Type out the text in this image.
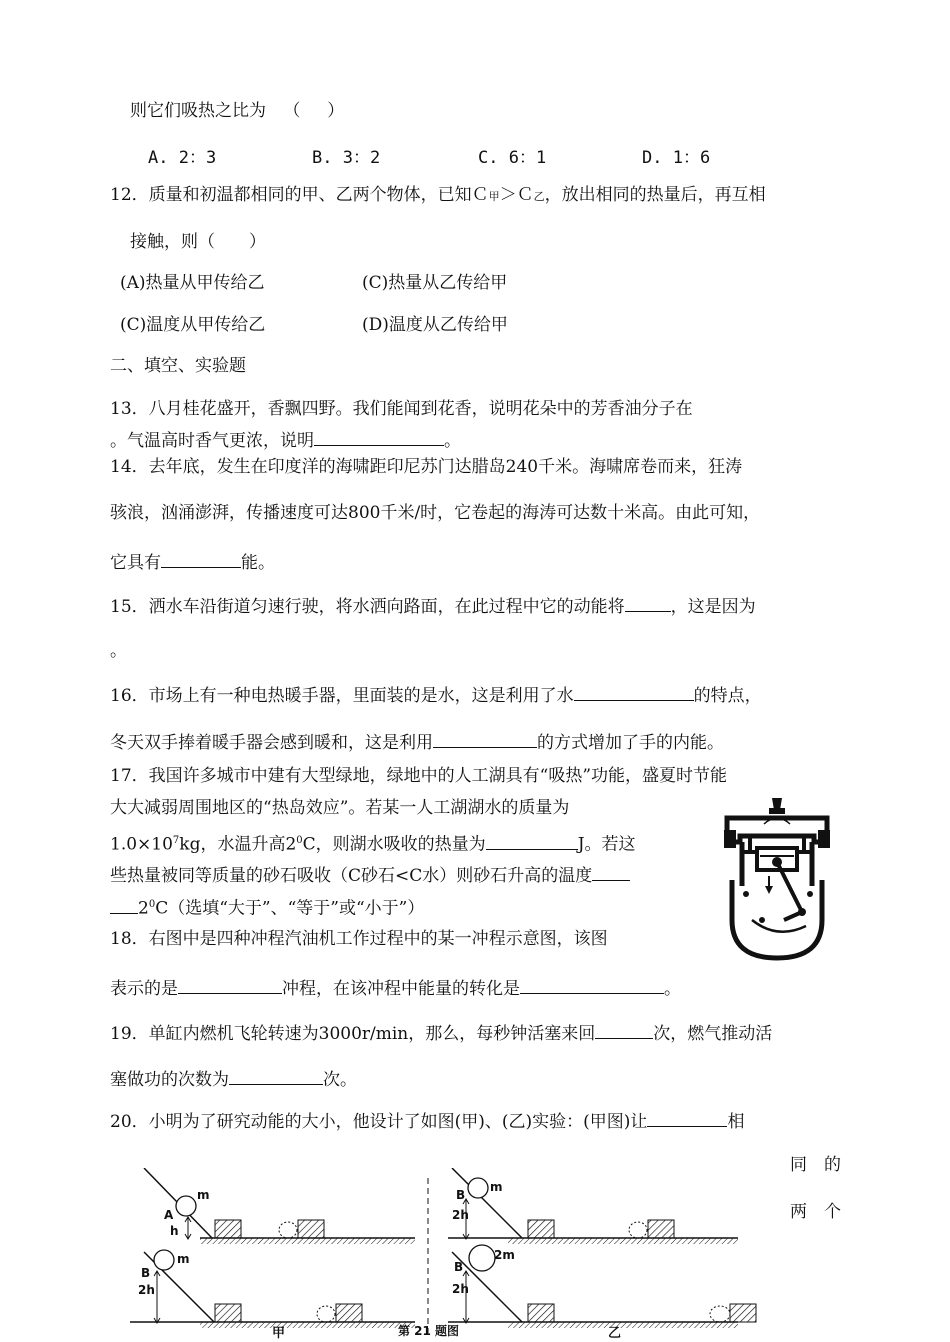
则它们吸热之比为 （ ）
A. 2：3	B. 3：2	C. 6：1	D. 1：6
12．质量和初温都相同的甲、乙两个物体，已知Ｃ甲＞Ｃ乙，放出相同的热量后，再互相
接触，则（　　）
(A)热量从甲传给乙	(C)热量从乙传给甲
(C)温度从甲传给乙	(D)温度从乙传给甲
二、填空、实验题
13．八月桂花盛开，香飘四野。我们能闻到花香，说明花朵中的芳香油分子在
。气温高时香气更浓，说明	。
14．去年底，发生在印度洋的海啸距印尼苏门达腊岛240千米。海啸席卷而来，狂涛
骇浪，汹涌澎湃，传播速度可达800千米/时，它卷起的海涛可达数十米高。由此可知，
它具有	能。
15．洒水车沿街道匀速行驶，将水洒向路面，在此过程中它的动能将	，这是因为
。
16．市场上有一种电热暖手器，里面装的是水，这是利用了水	的特点，
冬天双手捧着暖手器会感到暖和，这是利用	的方式增加了手的内能。
17．我国许多城市中建有大型绿地，绿地中的人工湖具有“吸热”功能，盛夏时节能
大大减弱周围地区的“热岛效应”。若某一人工湖湖水的质量为
$1.0\times 10^7kg$，水温升高$2^0C$，则湖水吸收的热量为	J。若这
些热量被同等质量的砂石吸收（C砂石<C水）则砂石升高的温度
$2^0C$（选填“大于”、“等于”或“小于”）
18．右图中是四种冲程汽油机工作过程中的某一冲程示意图，该图
表示的是	冲程，在该冲程中能量的转化是	。
19．单缸内燃机飞轮转速为3000r/min，那么，每秒钟活塞来回	次，燃气推动活
塞做功的次数为	次。
20．小明为了研究动能的大小，他设计了如图(甲)、(乙)实验：(甲图)让	相
同　的
两　个
m
A
h
m
B
2h
m
B
2h
2m
B
2h
甲	第 21 题图	乙
